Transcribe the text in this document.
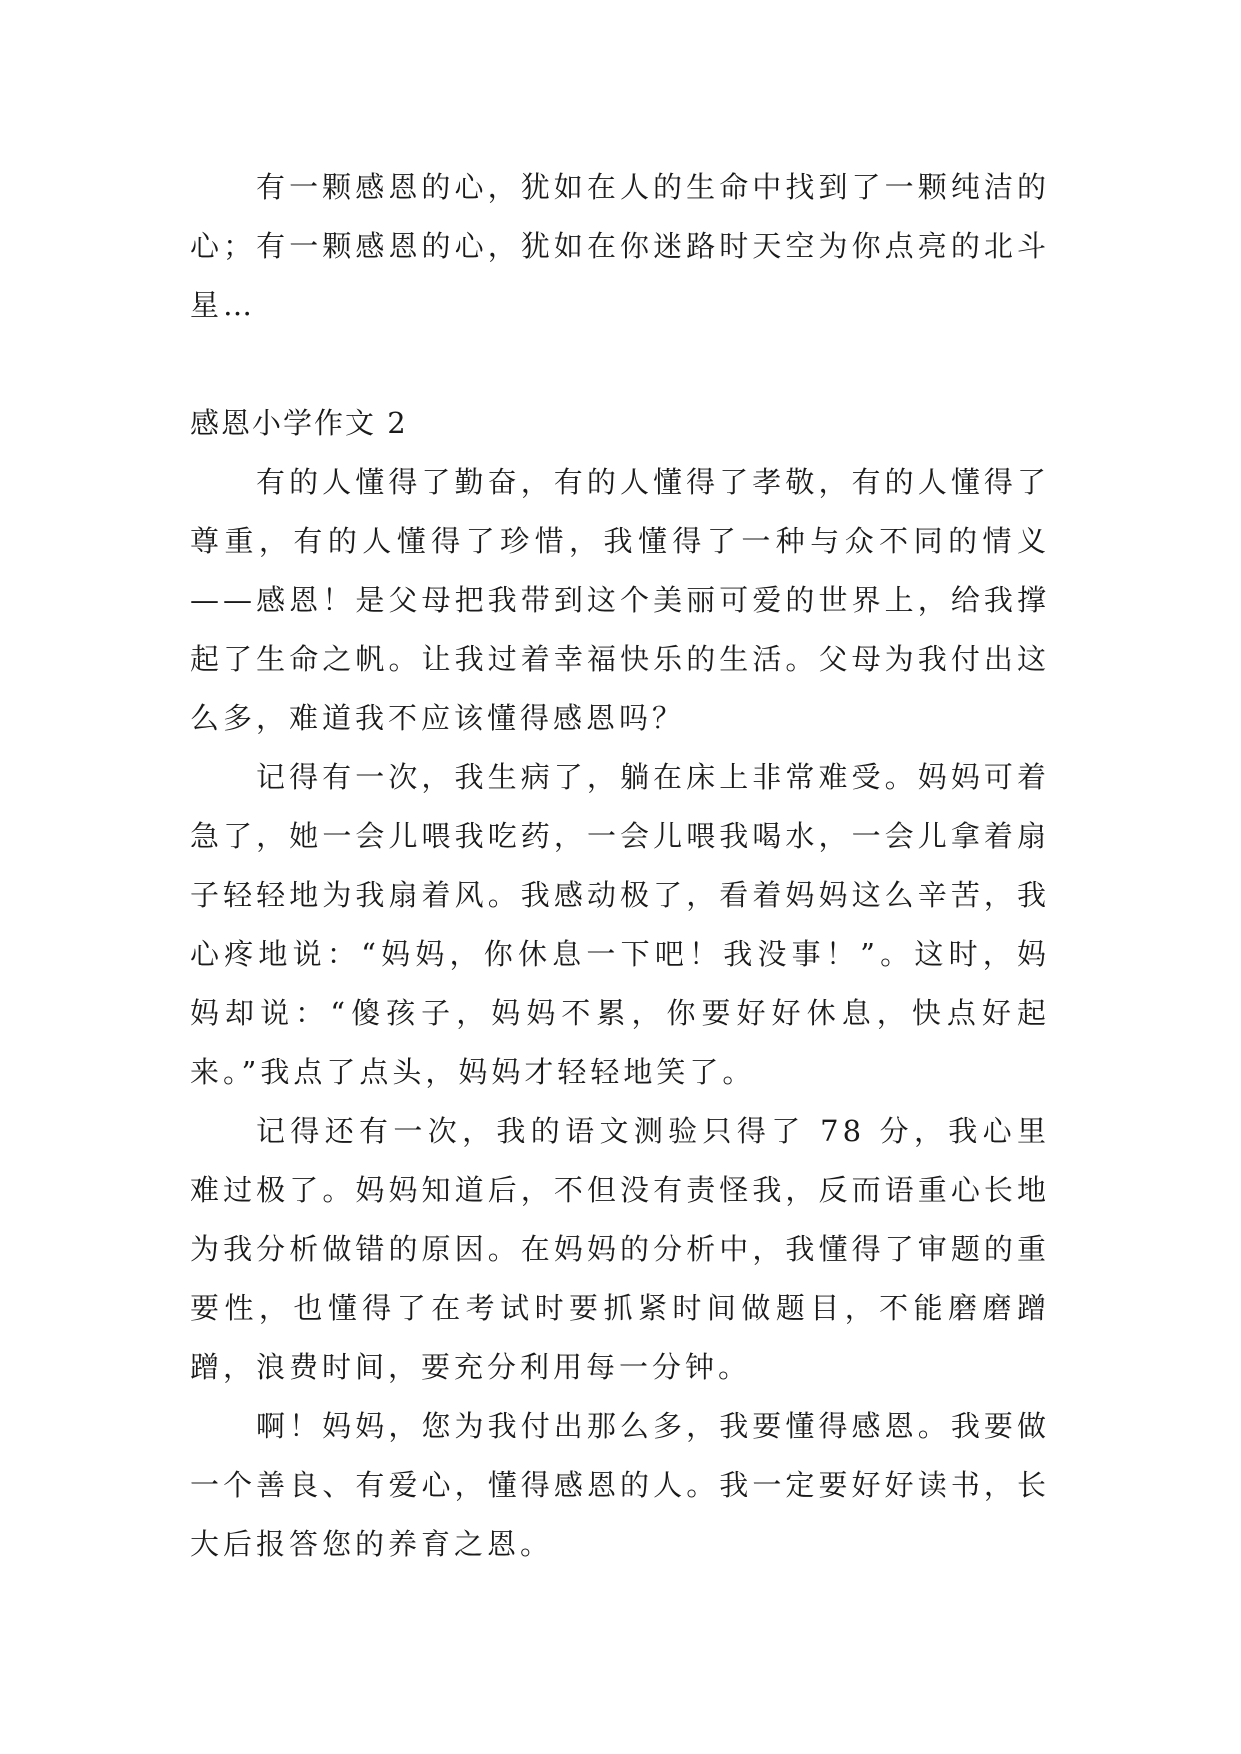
有一颗感恩的心，犹如在人的生命中找到了一颗纯洁的心；有一颗感恩的心，犹如在你迷路时天空为你点亮的北斗星…

感恩小学作文 2

有的人懂得了勤奋，有的人懂得了孝敬，有的人懂得了尊重，有的人懂得了珍惜，我懂得了一种与众不同的情义——感恩！是父母把我带到这个美丽可爱的世界上，给我撑起了生命之帆。让我过着幸福快乐的生活。父母为我付出这么多，难道我不应该懂得感恩吗？

记得有一次，我生病了，躺在床上非常难受。妈妈可着急了，她一会儿喂我吃药，一会儿喂我喝水，一会儿拿着扇子轻轻地为我扇着风。我感动极了，看着妈妈这么辛苦，我心疼地说：“妈妈，你休息一下吧！我没事！”。这时，妈妈却说：“傻孩子，妈妈不累，你要好好休息，快点好起来。”我点了点头，妈妈才轻轻地笑了。

记得还有一次，我的语文测验只得了 78 分，我心里难过极了。妈妈知道后，不但没有责怪我，反而语重心长地为我分析做错的原因。在妈妈的分析中，我懂得了审题的重要性，也懂得了在考试时要抓紧时间做题目，不能磨磨蹭蹭，浪费时间，要充分利用每一分钟。

啊！妈妈，您为我付出那么多，我要懂得感恩。我要做一个善良、有爱心，懂得感恩的人。我一定要好好读书，长大后报答您的养育之恩。
